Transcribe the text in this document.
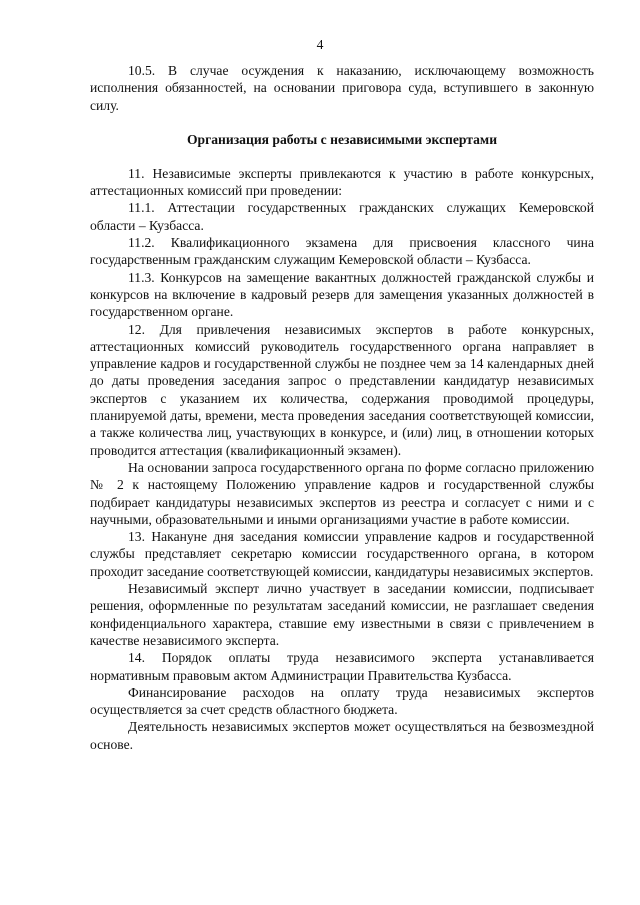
4

10.5. В случае осуждения к наказанию, исключающему возможность исполнения обязанностей, на основании приговора суда, вступившего в законную силу.

Организация работы с независимыми экспертами

11. Независимые эксперты привлекаются к участию в работе конкурсных, аттестационных комиссий при проведении:

11.1. Аттестации государственных гражданских служащих Кемеровской области – Кузбасса.

11.2. Квалификационного экзамена для присвоения классного чина государственным гражданским служащим Кемеровской области – Кузбасса.

11.3. Конкурсов на замещение вакантных должностей гражданской службы и конкурсов на включение в кадровый резерв для замещения указанных должностей в государственном органе.

12. Для привлечения независимых экспертов в работе конкурсных, аттестационных комиссий руководитель государственного органа направляет в управление кадров и государственной службы не позднее чем за 14 календарных дней до даты проведения заседания запрос о представлении кандидатур независимых экспертов с указанием их количества, содержания проводимой процедуры, планируемой даты, времени, места проведения заседания соответствующей комиссии, а также количества лиц, участвующих в конкурсе, и (или) лиц, в отношении которых проводится аттестация (квалификационный экзамен).

На основании запроса государственного органа по форме согласно приложению № 2 к настоящему Положению управление кадров и государственной службы подбирает кандидатуры независимых экспертов из реестра и согласует с ними и с научными, образовательными и иными организациями участие в работе комиссии.

13. Накануне дня заседания комиссии управление кадров и государственной службы представляет секретарю комиссии государственного органа, в котором проходит заседание соответствующей комиссии, кандидатуры независимых экспертов.

Независимый эксперт лично участвует в заседании комиссии, подписывает решения, оформленные по результатам заседаний комиссии, не разглашает сведения конфиденциального характера, ставшие ему известными в связи с привлечением в качестве независимого эксперта.

14. Порядок оплаты труда независимого эксперта устанавливается нормативным правовым актом Администрации Правительства Кузбасса.

Финансирование расходов на оплату труда независимых экспертов осуществляется за счет средств областного бюджета.

Деятельность независимых экспертов может осуществляться на безвозмездной основе.
